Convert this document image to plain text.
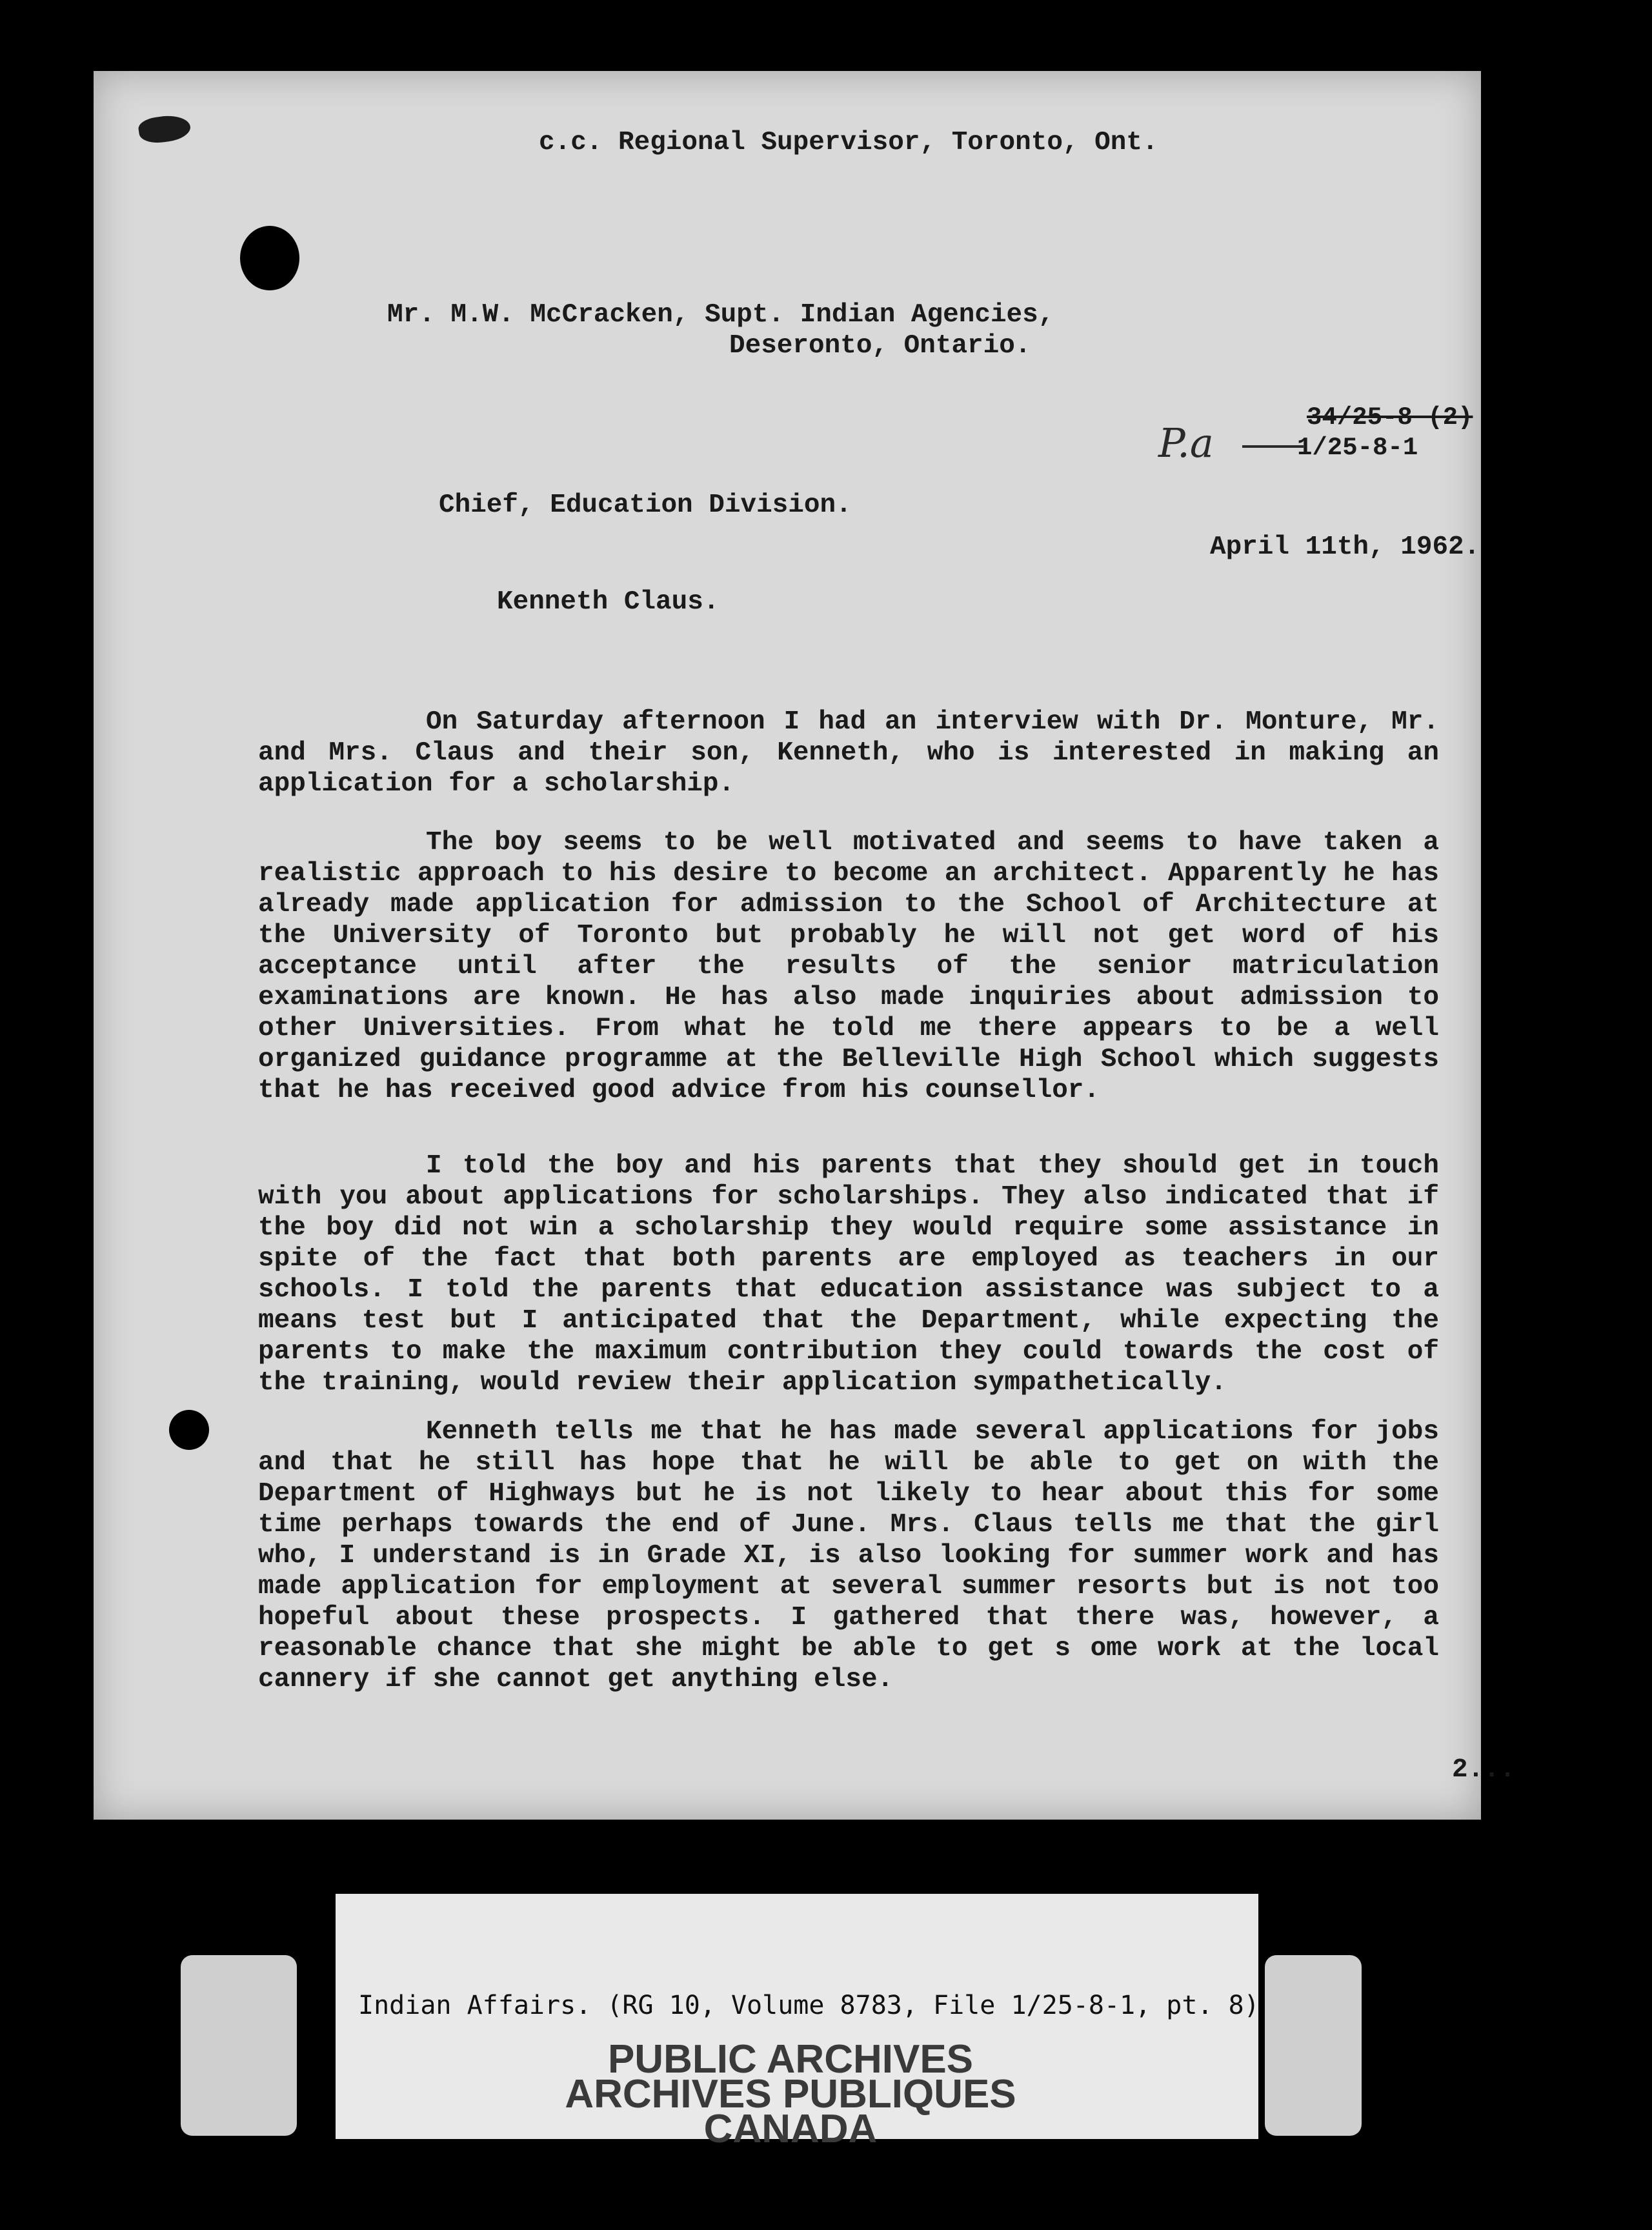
c.c. Regional Supervisor, Toronto, Ont.
Mr. M.W. McCracken, Supt. Indian Agencies,
Deseronto, Ontario.
P.a
34/25-8 (2)
1/25-8-1
Chief, Education Division.
April 11th, 1962.
Kenneth Claus.

On Saturday afternoon I had an interview with Dr. Monture, Mr. and Mrs. Claus and their son, Kenneth, who is interested in making an application for a scholarship.

The boy seems to be well motivated and seems to have taken a realistic approach to his desire to become an architect. Apparently he has already made application for admission to the School of Architecture at the University of Toronto but probably he will not get word of his acceptance until after the results of the senior matriculation examinations are known. He has also made inquiries about admission to other Universities. From what he told me there appears to be a well organized guidance programme at the Belleville High School which suggests that he has received good advice from his counsellor.

I told the boy and his parents that they should get in touch with you about applications for scholarships. They also indicated that if the boy did not win a scholarship they would require some assistance in spite of the fact that both parents are employed as teachers in our schools. I told the parents that education assistance was subject to a means test but I anticipated that the Department, while expecting the parents to make the maximum contribution they could towards the cost of the training, would review their application sympathetically.

Kenneth tells me that he has made several applications for jobs and that he still has hope that he will be able to get on with the Department of Highways but he is not likely to hear about this for some time perhaps towards the end of June. Mrs. Claus tells me that the girl who, I understand is in Grade XI, is also looking for summer work and has made application for employment at several summer resorts but is not too hopeful about these prospects. I gathered that there was, however, a reasonable chance that she might be able to get s ome work at the local cannery if she cannot get anything else.

2...
Indian Affairs. (RG 10, Volume 8783, File 1/25-8-1, pt. 8)
PUBLIC ARCHIVES
ARCHIVES PUBLIQUES
CANADA
